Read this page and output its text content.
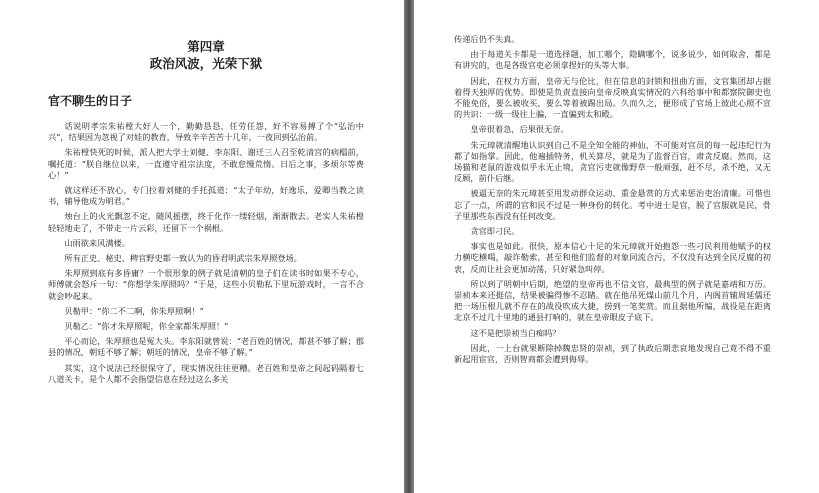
第四章
政治风波，光荣下狱
官不聊生的日子

话说明孝宗朱祐樘大好人一个，勤勤恳恳，任劳任怨，好不容易搏了个“弘治中兴”，结果因为忽视了对娃的教育，导致辛辛苦苦十几年，一夜回到弘治前。

朱祐樘快死的时候，派人把大学士刘健、李东阳、谢迁三人召至乾清宫的病榻前，嘱托道：“朕自继位以来，一直遵守祖宗法度，不敢怠慢荒惰。日后之事，多烦尔等费心！”

就这样还不放心，专门拉着刘健的手托孤道：“太子年幼，好逸乐，爱卿当教之读书，辅导他成为明君。”

烛台上的火光飘忽不定，随风摇摆，终于化作一缕轻烟，渐渐散去。老实人朱祐樘轻轻地走了，不带走一片云彩，还留下一个祸根。

山雨欲来风满楼。

所有正史、秘史、稗官野史都一致认为的昏君明武宗朱厚照登场。

朱厚照到底有多昏庸？一个很形象的例子就是清朝的皇子们在读书时如果不专心，师傅就会怒斥一句：“你想学朱厚照吗？”于是，这些小贝勒私下里玩游戏时，一言不合就会吵起来。

贝勒甲：“你二不二啊，你朱厚照啊！”

贝勒乙：“你才朱厚照呢，你全家都朱厚照！”

平心而论，朱厚照也是冤大头。李东阳就曾说：“老百姓的情况，都甚不够了解；郡县的情况，朝廷不够了解；朝廷的情况，皇帝不够了解。”

其实，这个说法已经很保守了，现实情况往往更糟。老百姓和皇帝之间起码隔着七八道关卡，是个人都不会指望信息在经过这么多关

传递后仍不失真。

由于每道关卡都是一道选择题，加工哪个，隐瞒哪个，说多说少，如何取舍，都是有讲究的，也是各级官吏必须拿捏好的头等大事。

因此，在权力方面，皇帝无与伦比，但在信息的封锁和扭曲方面，文官集团却占据着得天独厚的优势。即使是负责直接向皇帝反映真实情况的六科给事中和都察院御史也不能免俗，要么被收买，要么等着被踢出局。久而久之，便形成了官场上彼此心照不宣的共识：一级一级往上骗，一直骗到太和殿。

皇帝很着急，后果很无奈。

朱元璋就清醒地认识到自己不是全知全能的神仙，不可能对官员的每一起违纪行为都了如指掌。因此，他遍插特务，机关算尽，就是为了监督百官，肃贪反腐。然而，这场猫和老鼠的游戏似乎永无止境，贪官污吏就像野草一般顽强，赶不尽，杀不绝，又无反顾，前仆后继。

被逼无奈的朱元璋甚至用发动群众运动、重金悬赏的方式来惩治吏治清廉。可惜也忘了一点，所谓的官和民不过是一种身份的转化。考中进士是官，脱了官服就是民，骨子里那些东西没有任何改变。

贪官即刁民。

事实也是如此。很快，原本信心十足的朱元璋就开始抱怨一些刁民利用他赋予的权力横吃横喝，敲诈勒索，甚至和他们监督的对象同流合污，不仅没有达到全民反腐的初衷，反而让社会更加动荡，只好紧急叫停。

所以到了明朝中后期，绝望的皇帝再也不信文官，最典型的例子就是嘉靖和万历。崇祯本来还挺信，结果被骗得惨不忍睹。就在他吊死煤山前几个月，内阁首辅周延儒还把一场压根儿就不存在的战役吹成大捷，捞到一笔奖赏。而且据他所编，战役是在距离北京不过几十里地的通县打响的，就在皇帝眼皮子底下。

这不是把崇祯当白痴吗？

因此，一上台就果断除掉魏忠贤的崇祯，到了执政后期悲哀地发现自己竟不得不重新起用宦官，否则智商都会遭到侮辱。
